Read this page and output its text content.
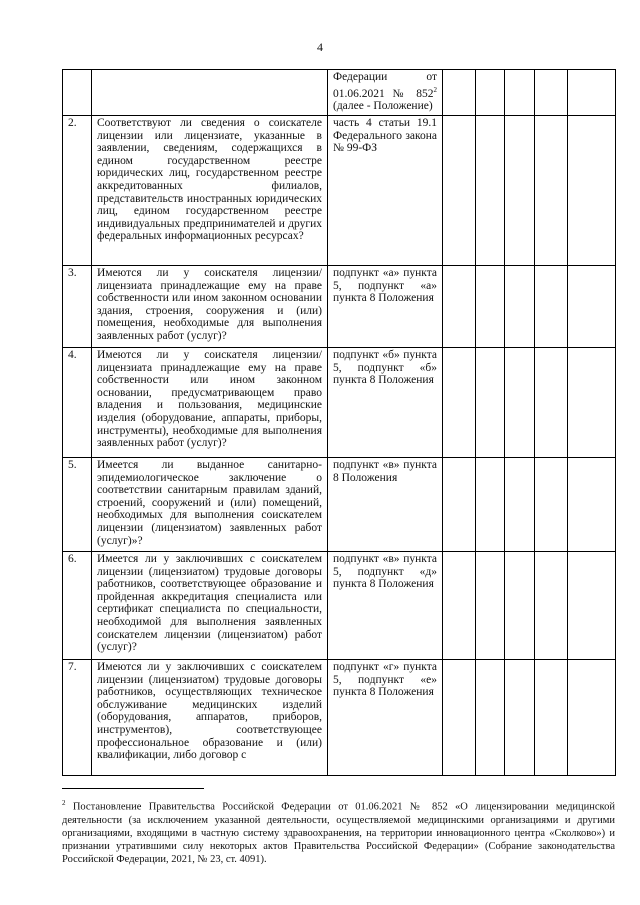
4
		Федерации от 01.06.2021 № $852^2$ (далее - Положение)					
2.	Соответствуют ли сведения о соискателе лицензии или лицензиате, указанные в заявлении, сведениям, содержащихся в едином государственном реестре юридических лиц, государственном реестре аккредитованных филиалов, представительств иностранных юридических лиц, едином государственном реестре индивидуальных предпринимателей и других федеральных информационных ресурсах?	часть 4 статьи 19.1 Федерального закона № 99-ФЗ					
3.	Имеются ли у соискателя лицензии/лицензиата принадлежащие ему на праве собственности или ином законном основании здания, строения, сооружения и (или) помещения, необходимые для выполнения заявленных работ (услуг)?	подпункт «а» пункта 5, подпункт «а» пункта 8 Положения					
4.	Имеются ли у соискателя лицензии/лицензиата принадлежащие ему на праве собственности или ином законном основании, предусматривающем право владения и пользования, медицинские изделия (оборудование, аппараты, приборы, инструменты), необходимые для выполнения заявленных работ (услуг)?	подпункт «б» пункта 5, подпункт «б» пункта 8 Положения					
5.	Имеется ли выданное санитарно-эпидемиологическое заключение о соответствии санитарным правилам зданий, строений, сооружений и (или) помещений, необходимых для выполнения соискателем лицензии (лицензиатом) заявленных работ (услуг)»?	подпункт «в» пункта 8 Положения					
6.	Имеется ли у заключивших с соискателем лицензии (лицензиатом) трудовые договоры работников, соответствующее образование и пройденная аккредитация специалиста или сертификат специалиста по специальности, необходимой для выполнения заявленных соискателем лицензии (лицензиатом) работ (услуг)?	подпункт «в» пункта 5, подпункт «д» пункта 8 Положения					
7.	Имеются ли у заключивших с соискателем лицензии (лицензиатом) трудовые договоры работников, осуществляющих техническое обслуживание медицинских изделий (оборудования, аппаратов, приборов, инструментов), соответствующее профессиональное образование и (или) квалификации, либо договор с	подпункт «г» пункта 5, подпункт «е» пункта 8 Положения					
$^2$ Постановление Правительства Российской Федерации от 01.06.2021 № 852 «О лицензировании медицинской деятельности (за исключением указанной деятельности, осуществляемой медицинскими организациями и другими организациями, входящими в частную систему здравоохранения, на территории инновационного центра «Сколково») и признании утратившими силу некоторых актов Правительства Российской Федерации» (Собрание законодательства Российской Федерации, 2021, № 23, ст. 4091).
